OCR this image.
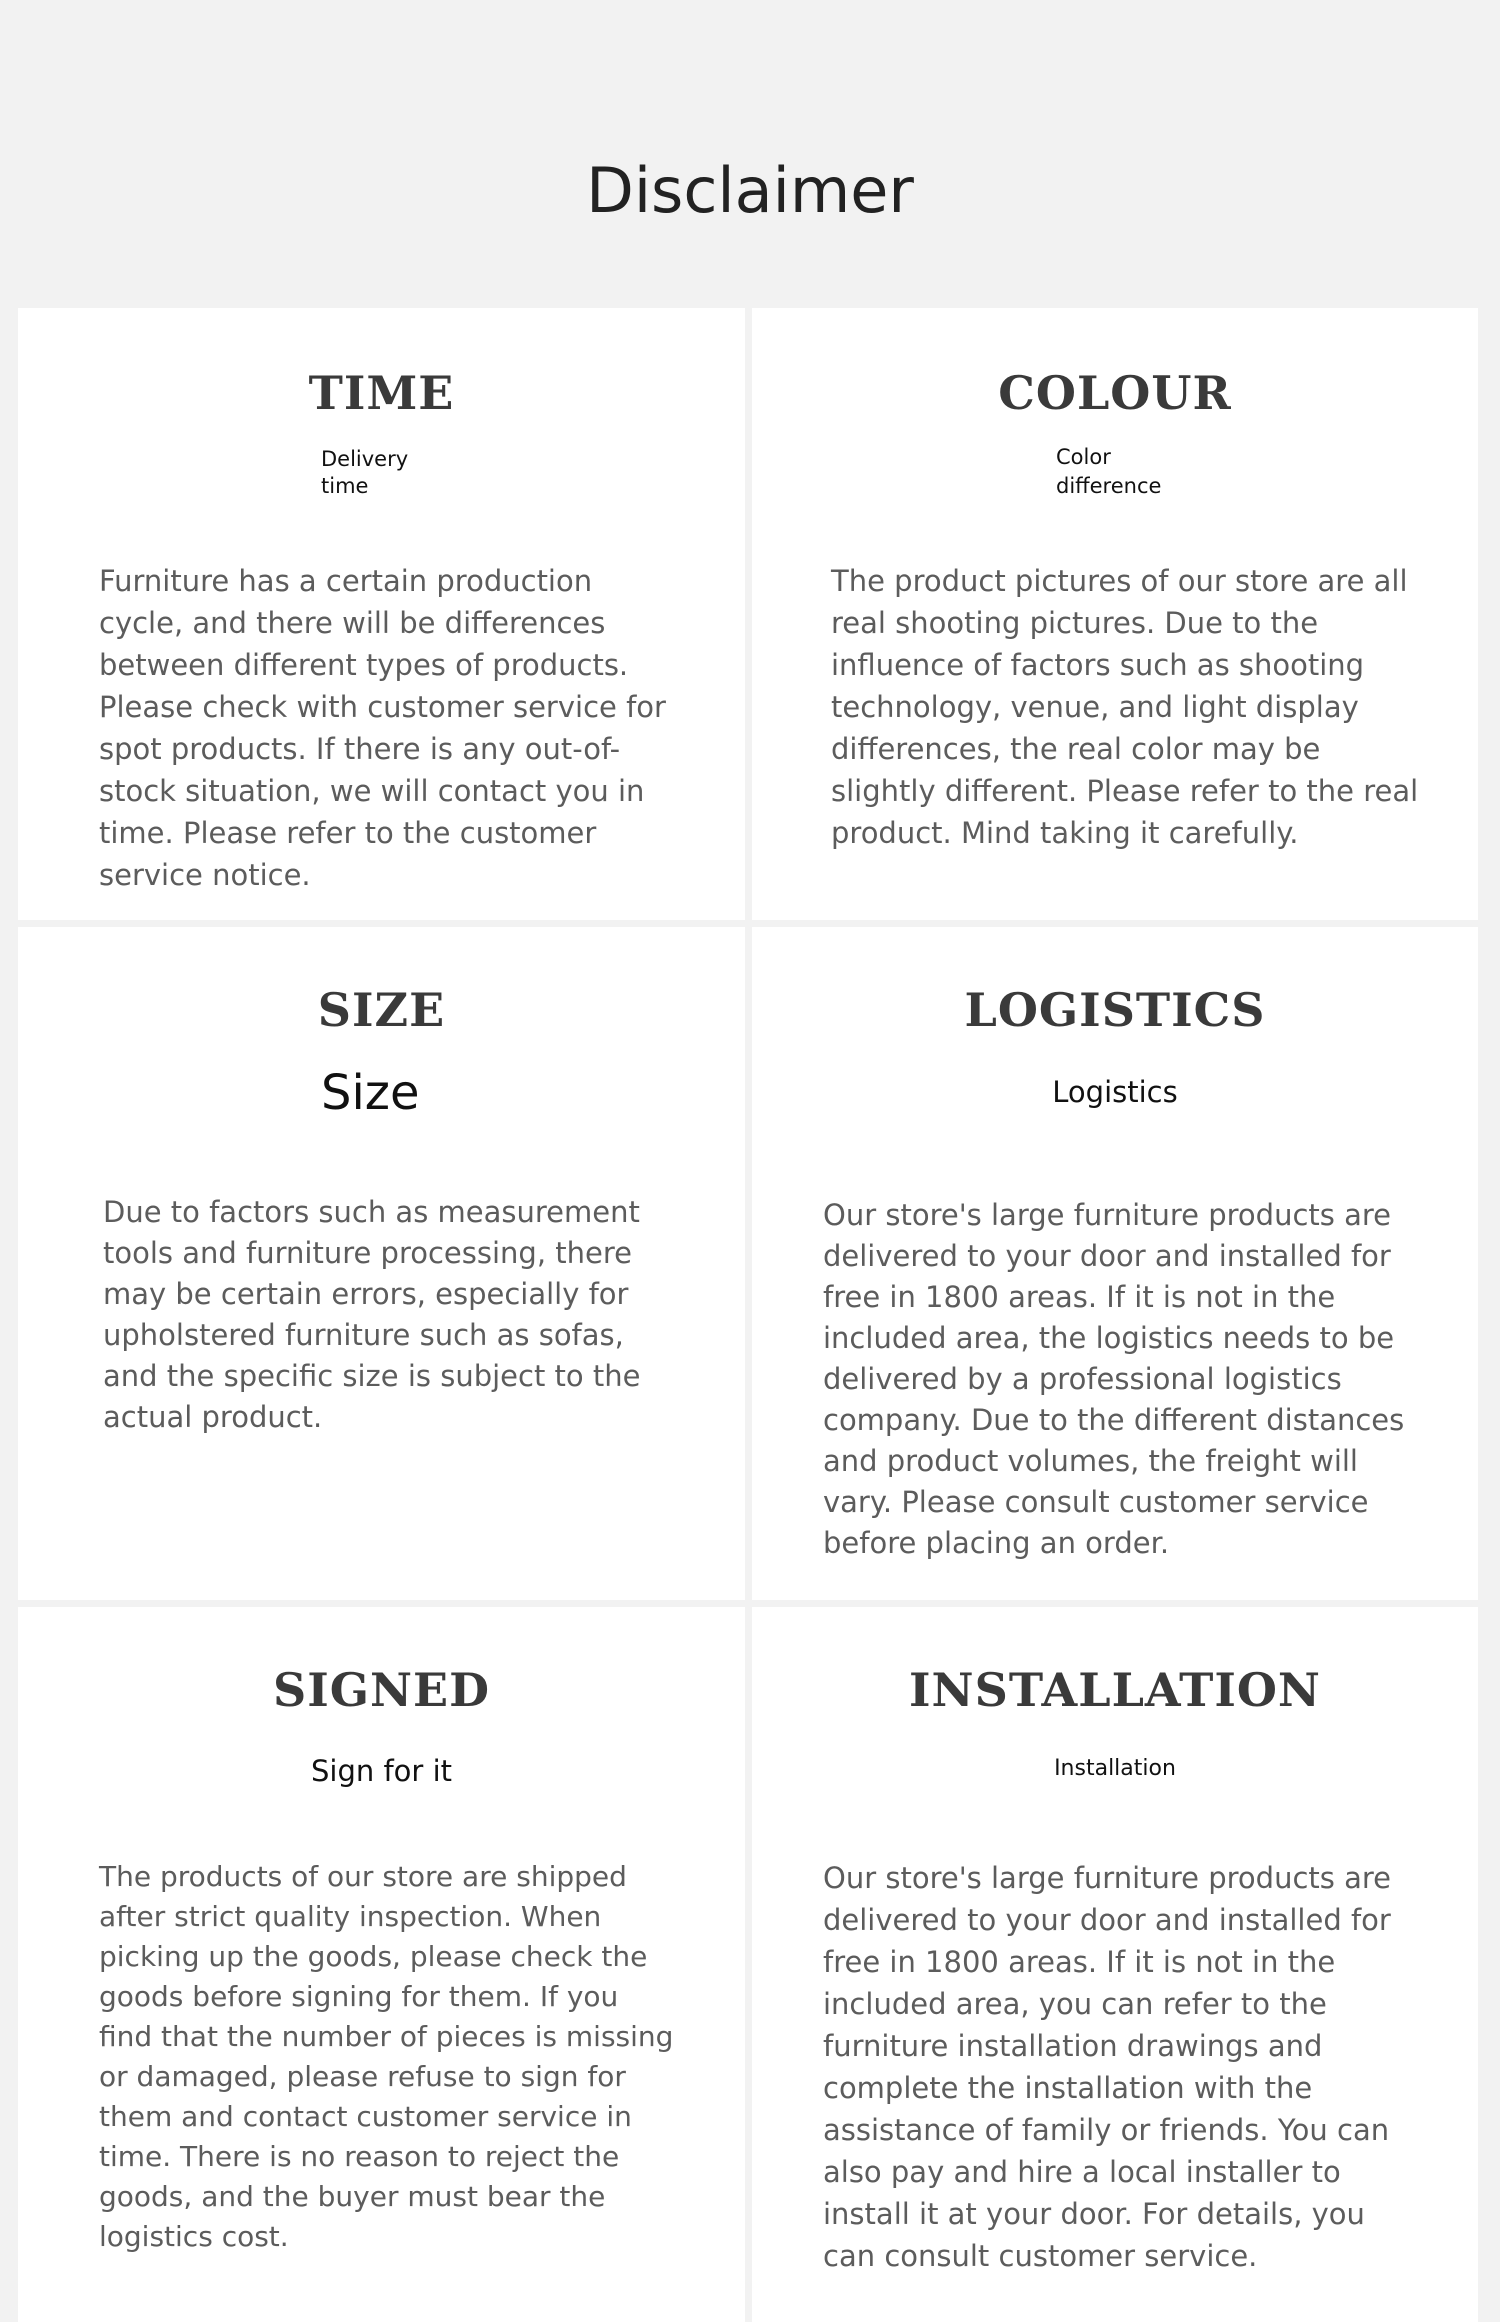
Disclaimer
TIME

Delivery time

Furniture has a certain production cycle, and there will be differences between different types of products. Please check with customer service for spot products. If there is any out-of-stock situation, we will contact you in time. Please refer to the customer service notice.

COLOUR

Color difference

The product pictures of our store are all real shooting pictures. Due to the influence of factors such as shooting technology, venue, and light display differences, the real color may be slightly different. Please refer to the real product. Mind taking it carefully.

SIZE

Size

Due to factors such as measurement tools and furniture processing, there may be certain errors, especially for upholstered furniture such as sofas, and the specific size is subject to the actual product.

LOGISTICS

Logistics

Our store's large furniture products are delivered to your door and installed for free in 1800 areas. If it is not in the included area, the logistics needs to be delivered by a professional logistics company. Due to the different distances and product volumes, the freight will vary. Please consult customer service before placing an order.

SIGNED

Sign for it

The products of our store are shipped after strict quality inspection. When picking up the goods, please check the goods before signing for them. If you find that the number of pieces is missing or damaged, please refuse to sign for them and contact customer service in time. There is no reason to reject the goods, and the buyer must bear the logistics cost.

INSTALLATION

Installation

Our store's large furniture products are delivered to your door and installed for free in 1800 areas. If it is not in the included area, you can refer to the furniture installation drawings and complete the installation with the assistance of family or friends. You can also pay and hire a local installer to install it at your door. For details, you can consult customer service.
